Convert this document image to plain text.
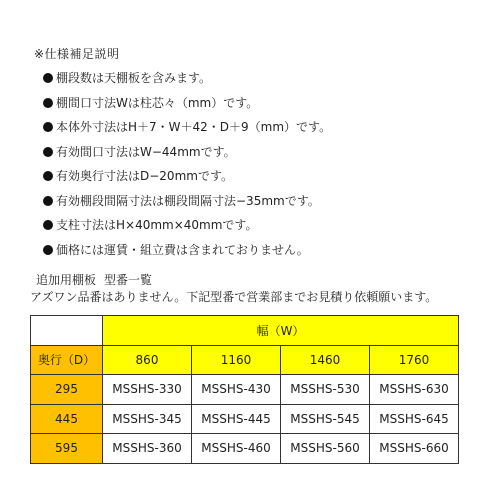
※仕様補足説明
棚段数は天棚板を含みます。
棚間口寸法Wは柱芯々（mm）です。
本体外寸法はH＋7・W＋42・D＋9（mm）です。
有効間口寸法はW−44mmです。
有効奥行寸法はD−20mmです。
有効棚段間隔寸法は棚段間隔寸法−35mmです。
支柱寸法はH×40mm×40mmです。
価格には運賃・組立費は含まれておりません。
追加用棚板 型番一覧
アズワン品番はありません。下記型番で営業部までお見積り依頼願います。
	幅（W）			
奥行（D）	860	1160	1460	1760
295	MSSHS-330	MSSHS-430	MSSHS-530	MSSHS-630
445	MSSHS-345	MSSHS-445	MSSHS-545	MSSHS-645
595	MSSHS-360	MSSHS-460	MSSHS-560	MSSHS-660
